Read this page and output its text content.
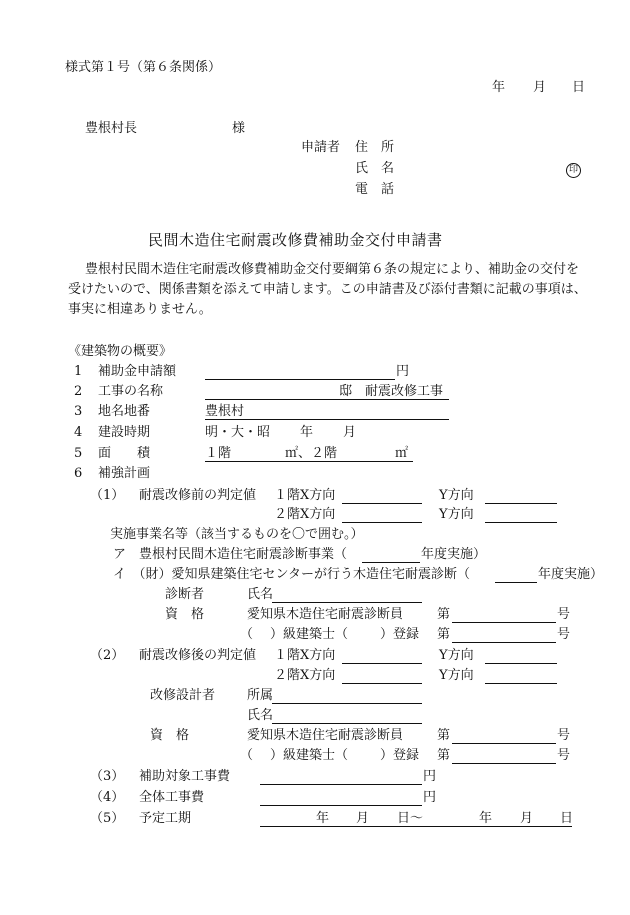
様式第１号（第６条関係）
年 月 日
豊根村長	様
申請者 住　所
氏　名	印
電　話
民間木造住宅耐震改修費補助金交付申請書
豊根村民間木造住宅耐震改修費補助金交付要綱第６条の規定により、補助金の交付を
受けたいので、関係書類を添えて申請します。この申請書及び添付書類に記載の事項は、
事実に相違ありません。
《建築物の概要》
1 補助金申請額	円
2 工事の名称	邸　耐震改修工事
3 地名地番	豊根村
4 建設時期	明・大・昭 年 月
5 面　　積	１階	㎡、２階	㎡
6 補強計画
（1） 耐震改修前の判定値 １階X方向	Y方向
２階X方向	Y方向
実施事業名等（該当するものを〇で囲む。）
ア　豊根村民間木造住宅耐震診断事業（	年度実施）
イ　（財）愛知県建築住宅センターが行う木造住宅耐震診断（	年度実施）
診断者	氏名
資　格	愛知県木造住宅耐震診断員	第	号
（ ）級建築士（ ）登録 第	号
（2） 耐震改修後の判定値 １階X方向	Y方向
２階X方向	Y方向
改修設計者 所属
氏名
資　格	愛知県木造住宅耐震診断員	第	号
（ ）級建築士（ ）登録 第	号
（3） 補助対象工事費	円
（4） 全体工事費	円
（5） 予定工期	年 月 日～	年 月 日
